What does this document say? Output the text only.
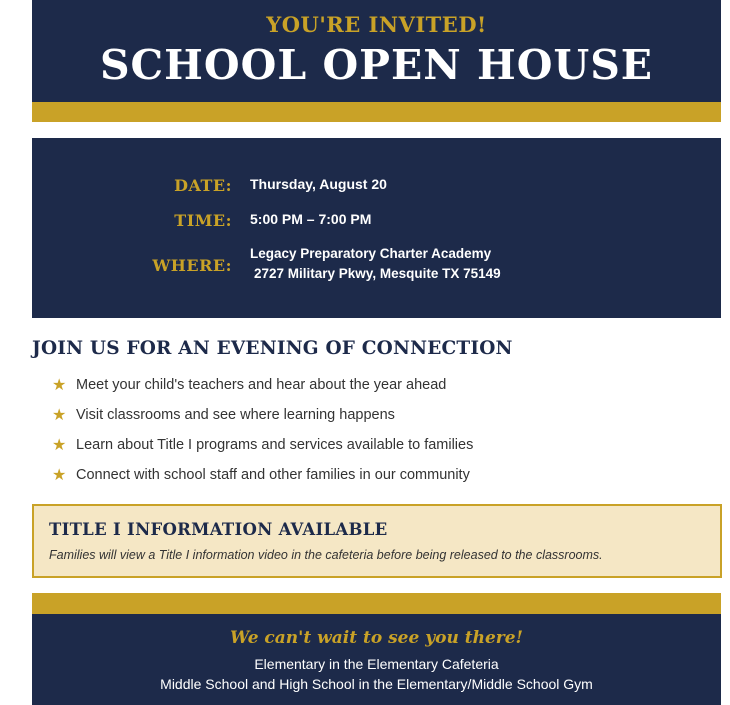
YOU'RE INVITED!
SCHOOL OPEN HOUSE
DATE: Thursday, August 20
TIME: 5:00 PM – 7:00 PM
WHERE:
Legacy Preparatory Charter Academy
2727 Military Pkwy, Mesquite TX 75149
JOIN US FOR AN EVENING OF CONNECTION
★ Meet your child's teachers and hear about the year ahead
★ Visit classrooms and see where learning happens
★ Learn about Title I programs and services available to families
★ Connect with school staff and other families in our community
TITLE I INFORMATION AVAILABLE
Families will view a Title I information video in the cafeteria before being released to the classrooms.
We can't wait to see you there!
Elementary in the Elementary Cafeteria
Middle School and High School in the Elementary/Middle School Gym
